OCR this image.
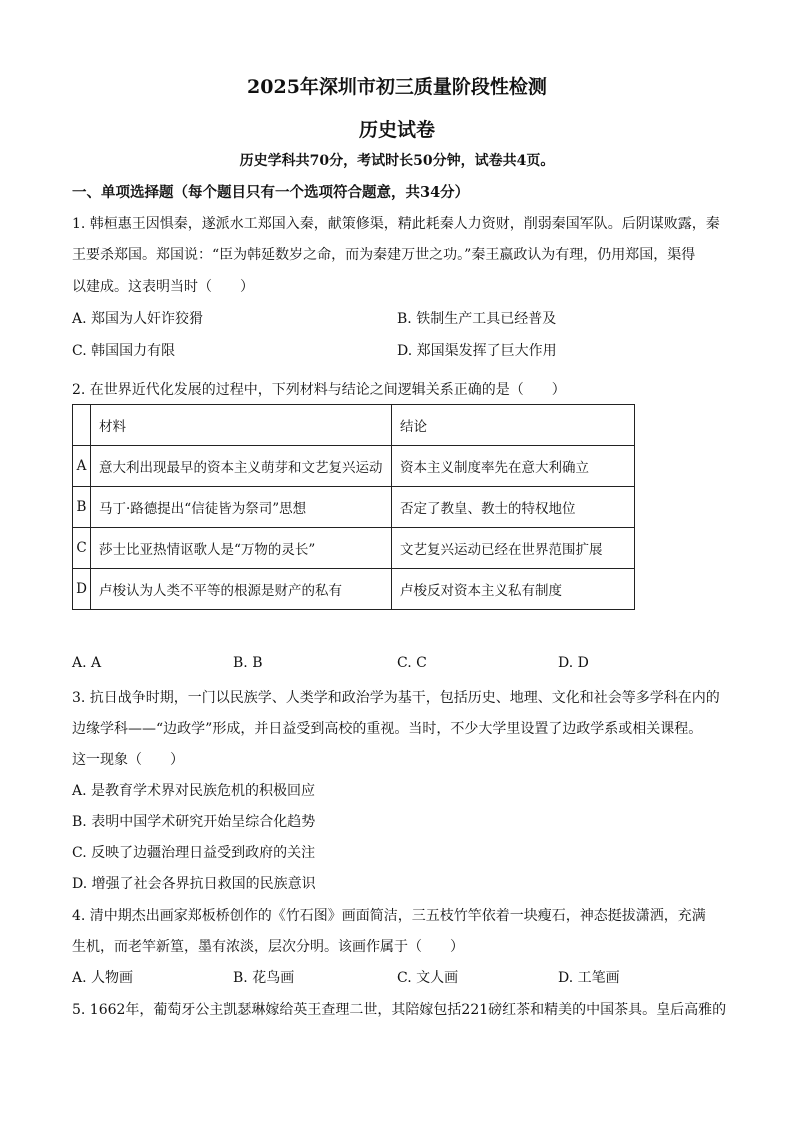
2025年深圳市初三质量阶段性检测
历史试卷
历史学科共70分，考试时长50分钟，试卷共4页。
一、单项选择题（每个题目只有一个选项符合题意，共34分）
1. 韩桓惠王因惧秦，遂派水工郑国入秦，献策修渠，精此耗秦人力资财，削弱秦国军队。后阴谋败露，秦
王要杀郑国。郑国说：“臣为韩延数岁之命，而为秦建万世之功。”秦王嬴政认为有理，仍用郑国，渠得
以建成。这表明当时（　　）
A. 郑国为人奸诈狡猾	B. 铁制生产工具已经普及
C. 韩国国力有限	D. 郑国渠发挥了巨大作用
2. 在世界近代化发展的过程中，下列材料与结论之间逻辑关系正确的是（　　）
	材料	结论
A	意大利出现最早的资本主义萌芽和文艺复兴运动	资本主义制度率先在意大利确立
B	马丁·路德提出“信徒皆为祭司”思想	否定了教皇、教士的特权地位
C	莎士比亚热情讴歌人是“万物的灵长”	文艺复兴运动已经在世界范围扩展
D	卢梭认为人类不平等的根源是财产的私有	卢梭反对资本主义私有制度
A. A	B. B	C. C	D. D
3. 抗日战争时期，一门以民族学、人类学和政治学为基干，包括历史、地理、文化和社会等多学科在内的
边缘学科——“边政学”形成，并日益受到高校的重视。当时，不少大学里设置了边政学系或相关课程。
这一现象（　　）
A. 是教育学术界对民族危机的积极回应
B. 表明中国学术研究开始呈综合化趋势
C. 反映了边疆治理日益受到政府的关注
D. 增强了社会各界抗日救国的民族意识
4. 清中期杰出画家郑板桥创作的《竹石图》画面简洁，三五枝竹竿依着一块瘦石，神态挺拔潇洒，充满
生机，而老竿新篁，墨有浓淡，层次分明。该画作属于（　　）
A. 人物画	B. 花鸟画	C. 文人画	D. 工笔画
5. 1662年，葡萄牙公主凯瑟琳嫁给英王查理二世，其陪嫁包括221磅红茶和精美的中国茶具。皇后高雅的
